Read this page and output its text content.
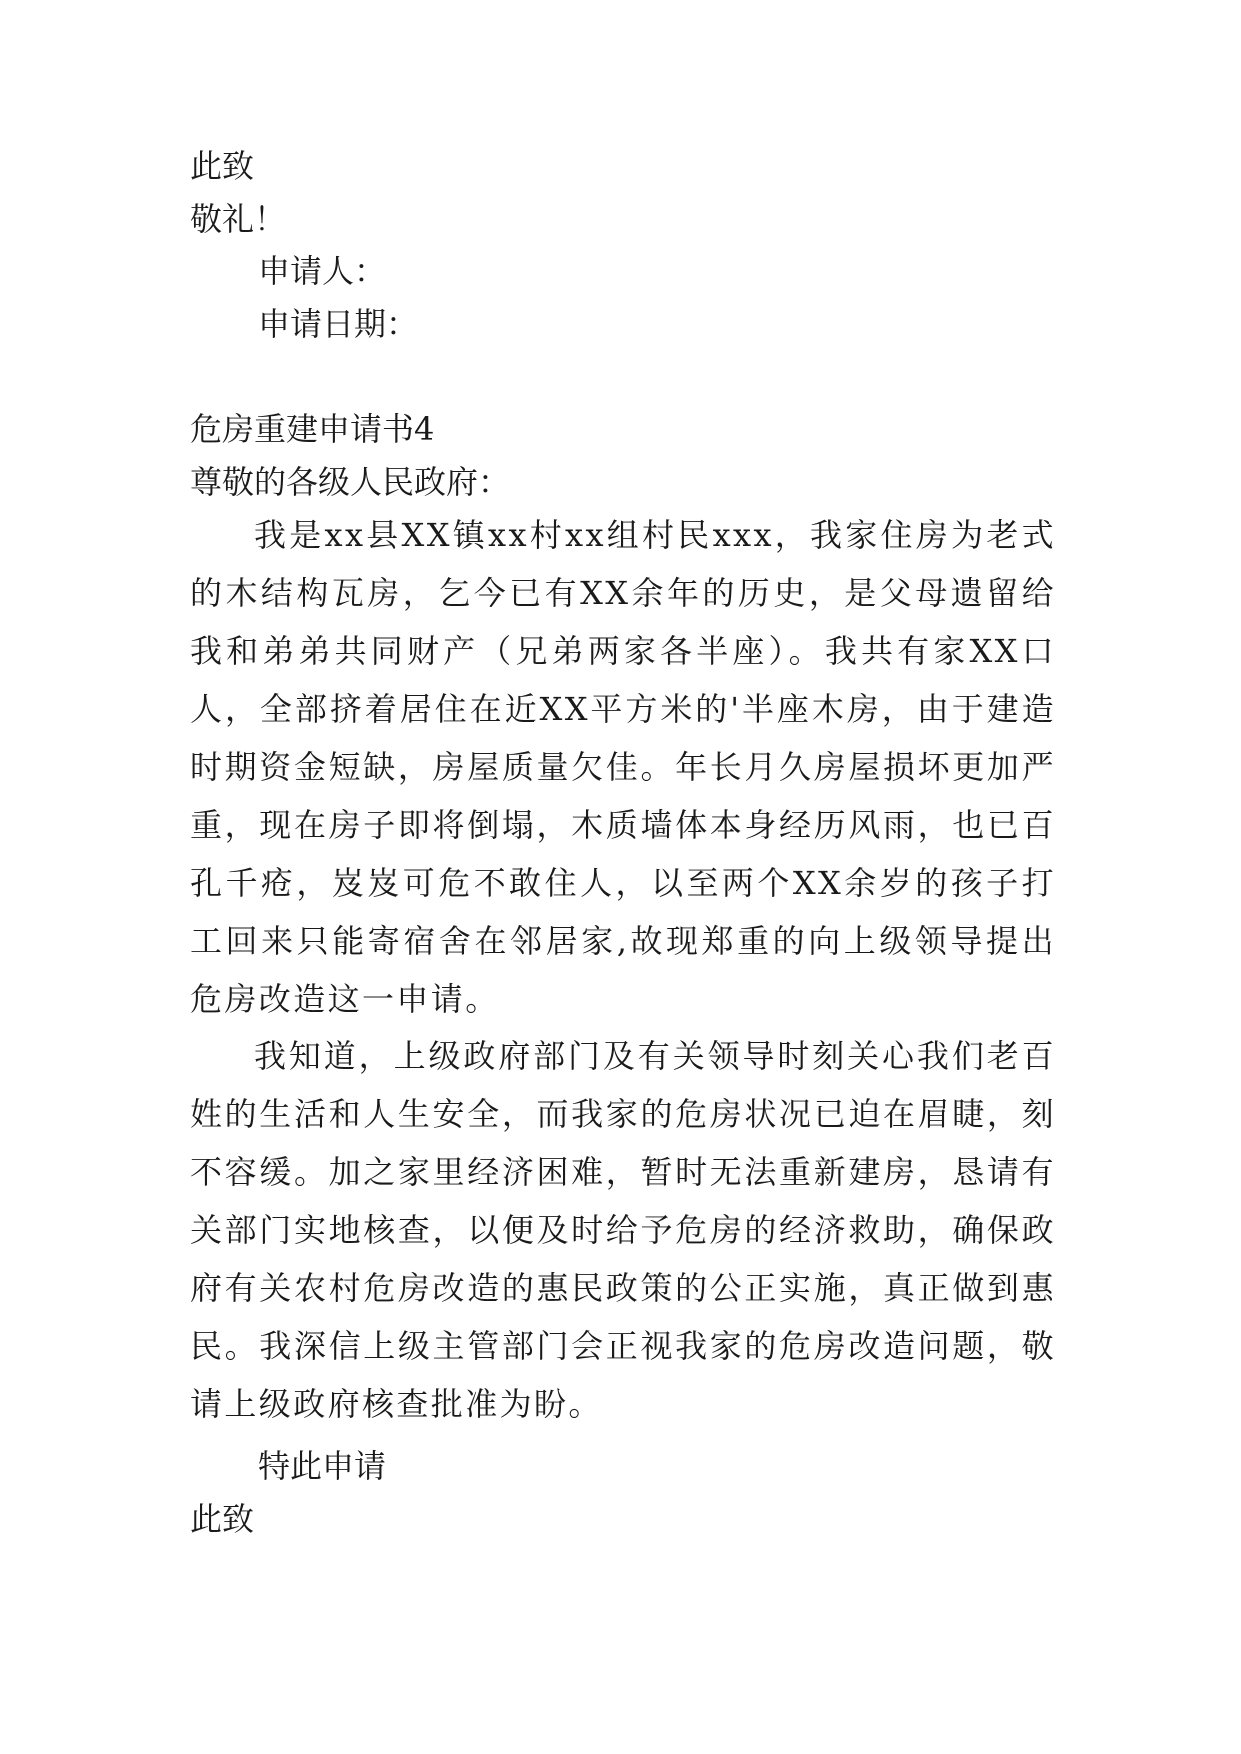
此致
敬礼！
申请人：
申请日期：
危房重建申请书4
尊敬的各级人民政府：
我是xx县XX镇xx村xx组村民xxx，我家住房为老式的木结构瓦房，乞今已有XX余年的历史，是父母遗留给我和弟弟共同财产（兄弟两家各半座）。我共有家XX口人，全部挤着居住在近XX平方米的'半座木房，由于建造时期资金短缺，房屋质量欠佳。年长月久房屋损坏更加严重，现在房子即将倒塌，木质墙体本身经历风雨，也已百孔千疮，岌岌可危不敢住人，以至两个XX余岁的孩子打工回来只能寄宿舍在邻居家,故现郑重的向上级领导提出危房改造这一申请。
我知道，上级政府部门及有关领导时刻关心我们老百姓的生活和人生安全，而我家的危房状况已迫在眉睫，刻不容缓。加之家里经济困难，暂时无法重新建房，恳请有关部门实地核查，以便及时给予危房的经济救助，确保政府有关农村危房改造的惠民政策的公正实施，真正做到惠民。我深信上级主管部门会正视我家的危房改造问题，敬请上级政府核查批准为盼。
特此申请
此致
